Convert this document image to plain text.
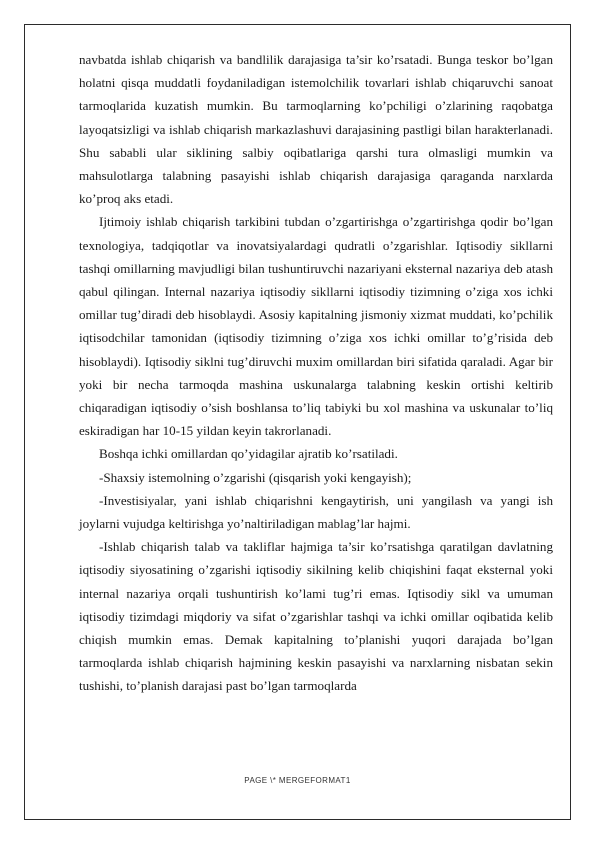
navbatda ishlab chiqarish va bandlilik darajasiga ta’sir ko’rsatadi. Bunga teskor bo’lgan holatni qisqa muddatli foydaniladigan istemolchilik tovarlari ishlab chiqaruvchi sanoat tarmoqlarida kuzatish mumkin. Bu tarmoqlarning ko’pchiligi o’zlarining raqobatga layoqatsizligi va ishlab chiqarish markazlashuvi darajasining pastligi bilan harakterlanadi. Shu sababli ular siklining salbiy oqibatlariga qarshi tura olmasligi mumkin va mahsulotlarga talabning pasayishi ishlab chiqarish darajasiga qaraganda narxlarda ko’proq aks etadi.

Ijtimoiy ishlab chiqarish tarkibini tubdan o’zgartirishga o’zgartirishga qodir bo’lgan texnologiya, tadqiqotlar va inovatsiyalardagi qudratli o’zgarishlar. Iqtisodiy sikllarni tashqi omillarning mavjudligi bilan tushuntiruvchi nazariyani eksternal nazariya deb atash qabul qilingan. Internal nazariya iqtisodiy sikllarni iqtisodiy tizimning o’ziga xos ichki omillar tug’diradi deb hisoblaydi. Asosiy kapitalning jismoniy xizmat muddati, ko’pchilik iqtisodchilar tamonidan (iqtisodiy tizimning o’ziga xos ichki omillar to’g’risida deb hisoblaydi). Iqtisodiy siklni tug’diruvchi muxim omillardan biri sifatida qaraladi. Agar bir yoki bir necha tarmoqda mashina uskunalarga talabning keskin ortishi keltirib chiqaradigan iqtisodiy o’sish boshlansa to’liq tabiyki bu xol mashina va uskunalar to’liq eskiradigan har 10-15 yildan keyin takrorlanadi.

Boshqa ichki omillardan qo’yidagilar ajratib ko’rsatiladi.

-Shaxsiy istemolning o’zgarishi (qisqarish yoki kengayish);

-Investisiyalar, yani ishlab chiqarishni kengaytirish, uni yangilash va yangi ish joylarni vujudga keltirishga yo’naltiriladigan mablag’lar hajmi.

-Ishlab chiqarish talab va takliflar hajmiga ta’sir ko’rsatishga qaratilgan davlatning iqtisodiy siyosatining o’zgarishi iqtisodiy sikilning kelib chiqishini faqat eksternal yoki internal nazariya orqali tushuntirish ko’lami tug’ri emas. Iqtisodiy sikl va umuman iqtisodiy tizimdagi miqdoriy va sifat o’zgarishlar tashqi va ichki omillar oqibatida kelib chiqish mumkin emas. Demak kapitalning to’planishi yuqori darajada bo’lgan tarmoqlarda ishlab chiqarish hajmining keskin pasayishi va narxlarning nisbatan sekin tushishi, to’planish darajasi past bo’lgan tarmoqlarda

PAGE \* MERGEFORMAT1
